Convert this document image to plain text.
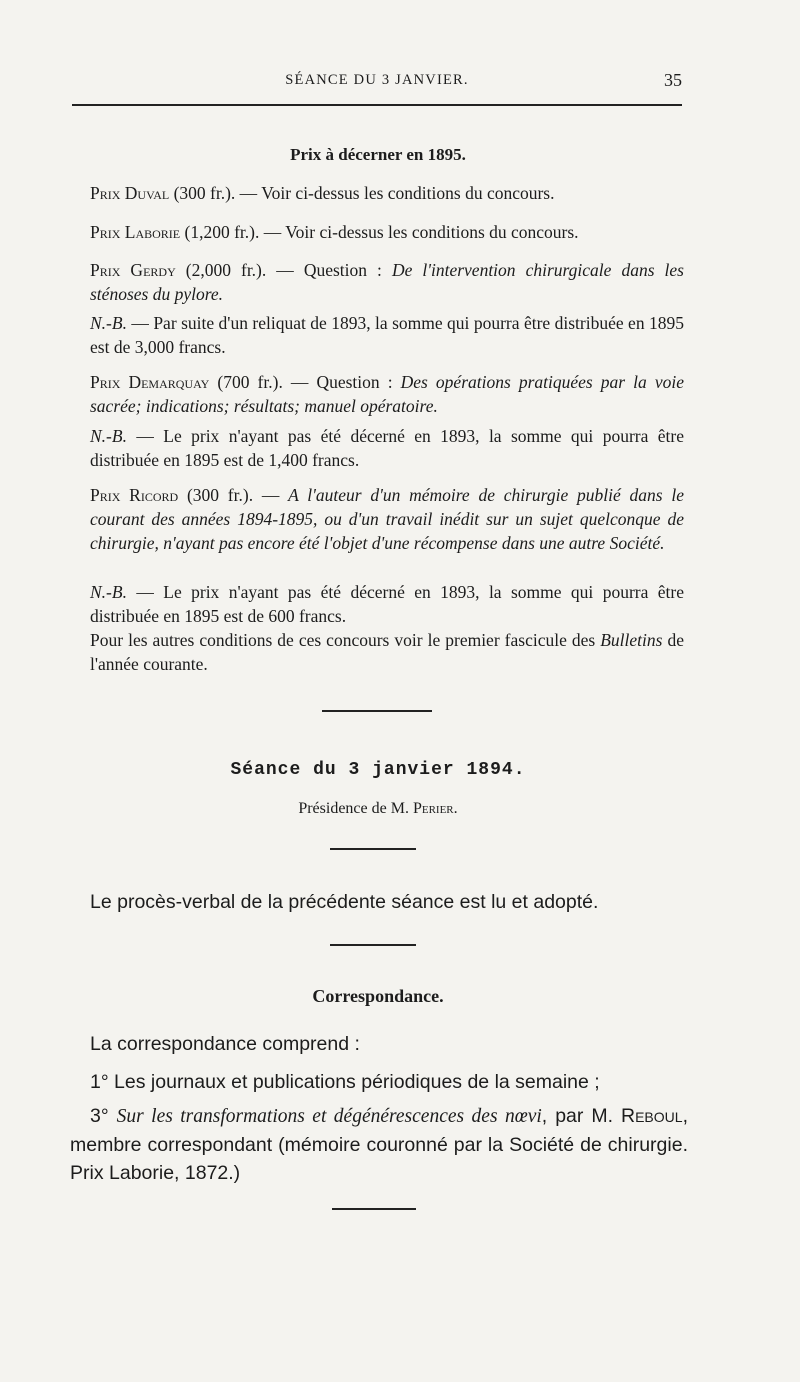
SÉANCE DU 3 JANVIER.	35
Prix à décerner en 1895.

Prix Duval (300 fr.). — Voir ci-dessus les conditions du concours.

Prix Laborie (1,200 fr.). — Voir ci-dessus les conditions du concours.

Prix Gerdy (2,000 fr.). — Question : De l'intervention chirurgicale dans les sténoses du pylore.

N.-B. — Par suite d'un reliquat de 1893, la somme qui pourra être distribuée en 1895 est de 3,000 francs.

Prix Demarquay (700 fr.). — Question : Des opérations pratiquées par la voie sacrée; indications; résultats; manuel opératoire.

N.-B. — Le prix n'ayant pas été décerné en 1893, la somme qui pourra être distribuée en 1895 est de 1,400 francs.

Prix Ricord (300 fr.). — A l'auteur d'un mémoire de chirurgie publié dans le courant des années 1894-1895, ou d'un travail inédit sur un sujet quelconque de chirurgie, n'ayant pas encore été l'objet d'une récompense dans une autre Société.

N.-B. — Le prix n'ayant pas été décerné en 1893, la somme qui pourra être distribuée en 1895 est de 600 francs.

Pour les autres conditions de ces concours voir le premier fascicule des Bulletins de l'année courante.

Séance du 3 janvier 1894.
Présidence de M. Perier.
Le procès-verbal de la précédente séance est lu et adopté.
Correspondance.
La correspondance comprend :
1° Les journaux et publications périodiques de la semaine ;
3° Sur les transformations et dégénérescences des nœvi, par M. Reboul, membre correspondant (mémoire couronné par la Société de chirurgie. Prix Laborie, 1872.)
